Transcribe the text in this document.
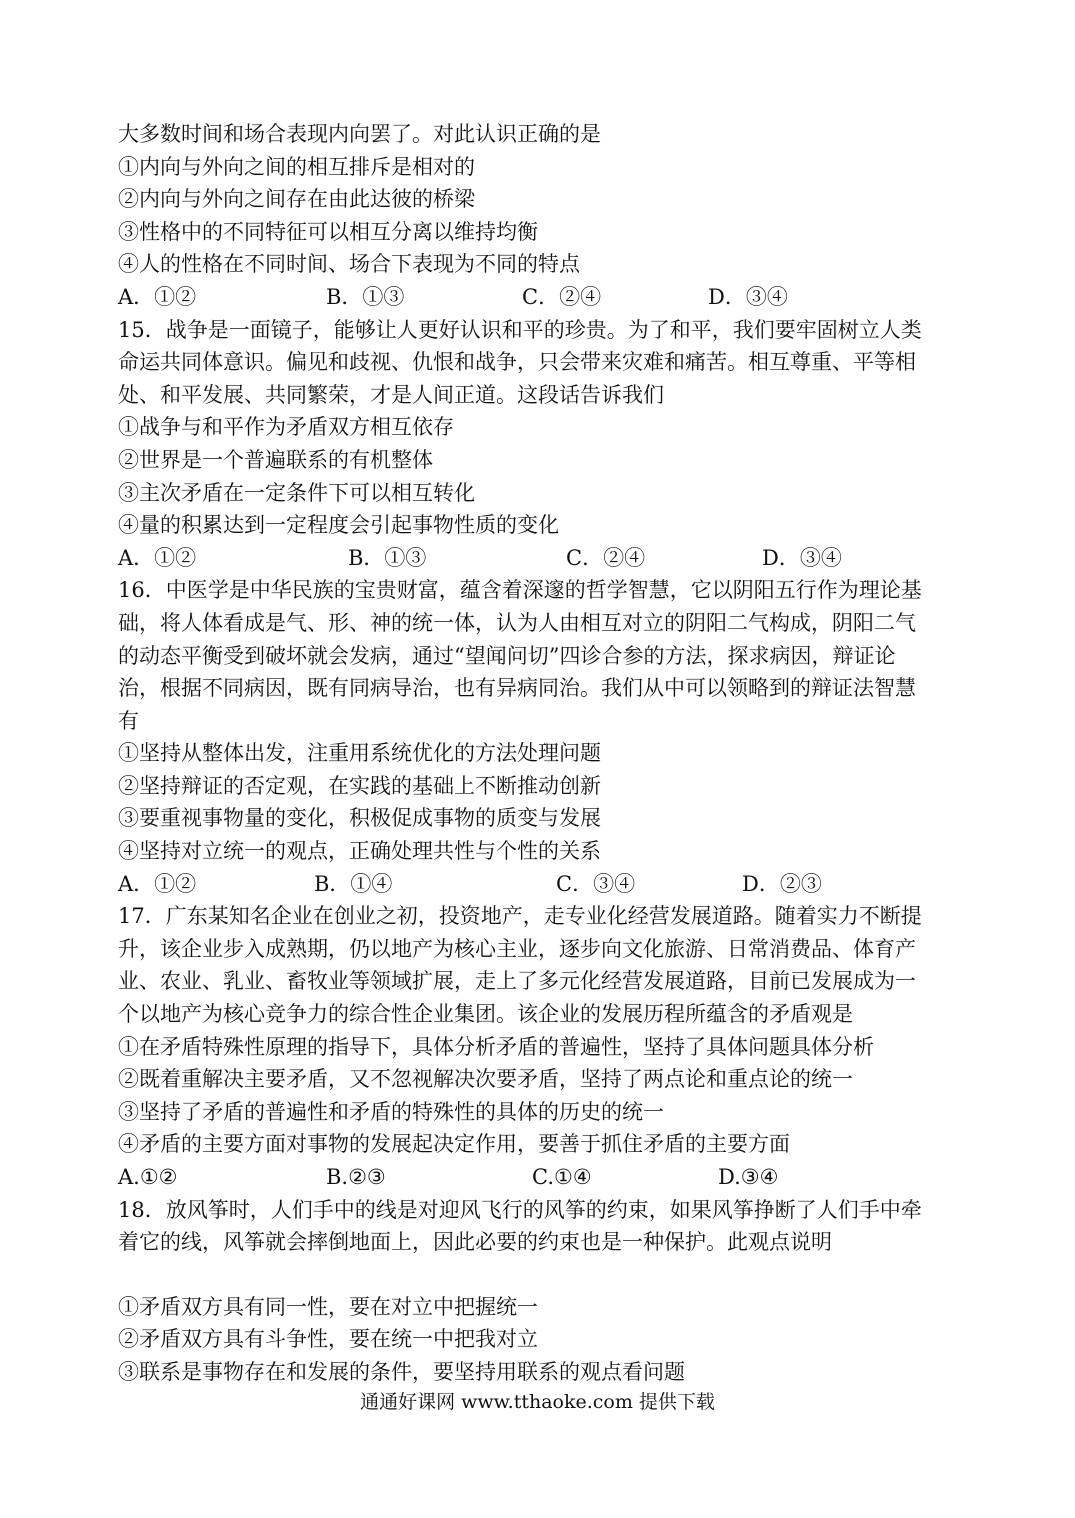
大多数时间和场合表现内向罢了。对此认识正确的是
①内向与外向之间的相互排斥是相对的
②内向与外向之间存在由此达彼的桥梁
③性格中的不同特征可以相互分离以维持均衡
④人的性格在不同时间、场合下表现为不同的特点
A．①②	B．①③	C．②④	D．③④
15．战争是一面镜子，能够让人更好认识和平的珍贵。为了和平，我们要牢固树立人类
命运共同体意识。偏见和歧视、仇恨和战争，只会带来灾难和痛苦。相互尊重、平等相
处、和平发展、共同繁荣，才是人间正道。这段话告诉我们
①战争与和平作为矛盾双方相互依存
②世界是一个普遍联系的有机整体
③主次矛盾在一定条件下可以相互转化
④量的积累达到一定程度会引起事物性质的变化
A．①②	B．①③	C．②④	D．③④
16．中医学是中华民族的宝贵财富，蕴含着深邃的哲学智慧，它以阴阳五行作为理论基
础，将人体看成是气、形、神的统一体，认为人由相互对立的阴阳二气构成，阴阳二气
的动态平衡受到破坏就会发病，通过“望闻问切”四诊合参的方法，探求病因，辩证论
治，根据不同病因，既有同病导治，也有异病同治。我们从中可以领略到的辩证法智慧
有
①坚持从整体出发，注重用系统优化的方法处理问题
②坚持辩证的否定观，在实践的基础上不断推动创新
③要重视事物量的变化，积极促成事物的质变与发展
④坚持对立统一的观点，正确处理共性与个性的关系
A．①②	B．①④	C．③④	D．②③
17．广东某知名企业在创业之初，投资地产，走专业化经营发展道路。随着实力不断提
升，该企业步入成熟期，仍以地产为核心主业，逐步向文化旅游、日常消费品、体育产
业、农业、乳业、畜牧业等领域扩展，走上了多元化经营发展道路，目前已发展成为一
个以地产为核心竞争力的综合性企业集团。该企业的发展历程所蕴含的矛盾观是
①在矛盾特殊性原理的指导下，具体分析矛盾的普遍性，坚持了具体问题具体分析
②既着重解决主要矛盾，又不忽视解决次要矛盾，坚持了两点论和重点论的统一
③坚持了矛盾的普遍性和矛盾的特殊性的具体的历史的统一
④矛盾的主要方面对事物的发展起决定作用，要善于抓住矛盾的主要方面
A.①②	B.②③	C.①④	D.③④
18．放风筝时，人们手中的线是对迎风飞行的风筝的约束，如果风筝挣断了人们手中牵
着它的线，风筝就会摔倒地面上，因此必要的约束也是一种保护。此观点说明
①矛盾双方具有同一性，要在对立中把握统一
②矛盾双方具有斗争性，要在统一中把我对立
③联系是事物存在和发展的条件，要坚持用联系的观点看问题
通通好课网 www.tthaoke.com 提供下载
